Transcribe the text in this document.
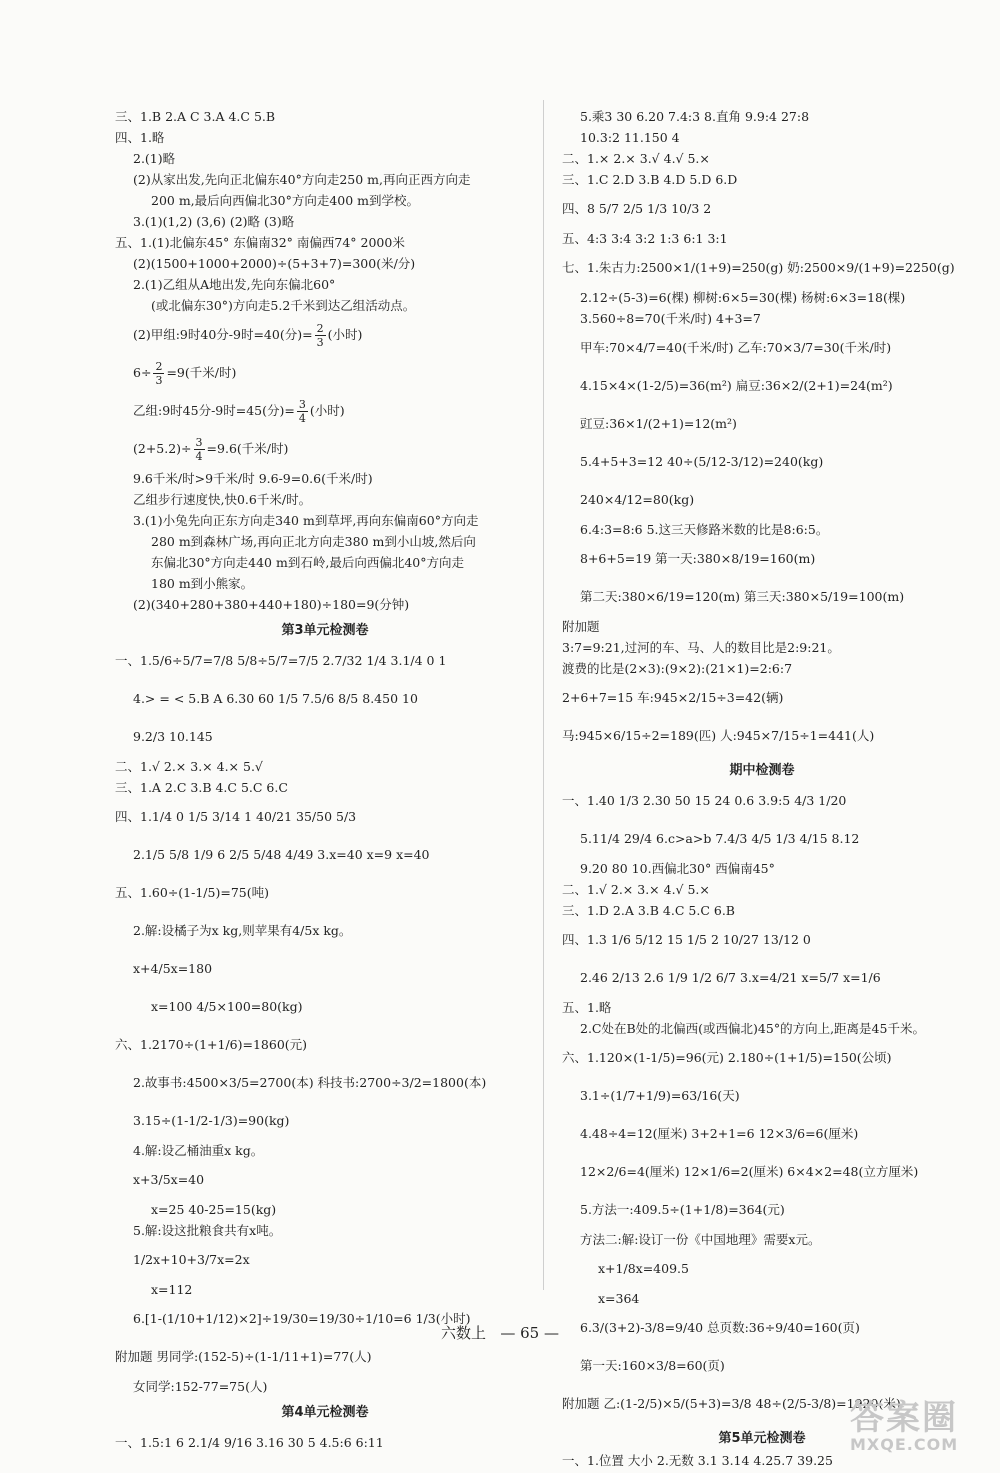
三、1.B 2.A C 3.A 4.C 5.B
四、1.略
2.(1)略
(2)从家出发,先向正北偏东40°方向走250 m,再向正西方向走
200 m,最后向西偏北30°方向走400 m到学校。
3.(1)(1,2) (3,6) (2)略 (3)略
五、1.(1)北偏东45° 东偏南32° 南偏西74° 2000米
(2)(1500+1000+2000)÷(5+3+7)=300(米/分)
2.(1)乙组从A地出发,先向东偏北60°
(或北偏东30°)方向走5.2千米到达乙组活动点。
(2)甲组:9时40分-9时=40(分)= $\frac{2}{3}$ (小时)
$6\div \frac{2}{3} =9$(千米/时)
乙组:9时45分-9时=45(分)= $\frac{3}{4}$ (小时)
$(2+5.2)\div \frac{3}{4} =9.6$(千米/时)
9.6千米/时>9千米/时 9.6-9=0.6(千米/时)
乙组步行速度快,快0.6千米/时。
3.(1)小兔先向正东方向走340 m到草坪,再向东偏南60°方向走
280 m到森林广场,再向正北方向走380 m到小山坡,然后向
东偏北30°方向走440 m到石岭,最后向西偏北40°方向走
180 m到小熊家。
(2)(340+280+380+440+180)÷180=9(分钟)
第3单元检测卷
一、1.5/6÷5/7=7/8 5/8÷5/7=7/5 2.7/32 1/4 3.1/4 0 1
4.> = < 5.B A 6.30 60 1/5 7.5/6 8/5 8.450 10
9.2/3 10.145
二、1.√ 2.× 3.× 4.× 5.√
三、1.A 2.C 3.B 4.C 5.C 6.C
四、1.1/4 0 1/5 3/14 1 40/21 35/50 5/3
2.1/5 5/8 1/9 6 2/5 5/48 4/49 3.x=40 x=9 x=40
五、1.60÷(1-1/5)=75(吨)
2.解:设橘子为x kg,则苹果有4/5x kg。
x+4/5x=180
x=100 4/5×100=80(kg)
六、1.2170÷(1+1/6)=1860(元)
2.故事书:4500×3/5=2700(本) 科技书:2700÷3/2=1800(本)
3.15÷(1-1/2-1/3)=90(kg)
4.解:设乙桶油重x kg。
x+3/5x=40
x=25 40-25=15(kg)
5.解:设这批粮食共有x吨。
1/2x+10+3/7x=2x
x=112
6.[1-(1/10+1/12)×2]÷19/30=19/30÷1/10=6 1/3(小时)
附加题 男同学:(152-5)÷(1-1/11+1)=77(人)
女同学:152-77=75(人)
第4单元检测卷
一、1.5:1 6 2.1/4 9/16 3.16 30 5 4.5:6 6:11
5.乘3 30 6.20 7.4:3 8.直角 9.9:4 27:8
10.3:2 11.150 4
二、1.× 2.× 3.√ 4.√ 5.×
三、1.C 2.D 3.B 4.D 5.D 6.D
四、8 5/7 2/5 1/3 10/3 2
五、4:3 3:4 3:2 1:3 6:1 3:1
七、1.朱古力:2500×1/(1+9)=250(g) 奶:2500×9/(1+9)=2250(g)
2.12÷(5-3)=6(棵) 柳树:6×5=30(棵) 杨树:6×3=18(棵)
3.560÷8=70(千米/时) 4+3=7
甲车:70×4/7=40(千米/时) 乙车:70×3/7=30(千米/时)
4.15×4×(1-2/5)=36(m²) 扁豆:36×2/(2+1)=24(m²)
豇豆:36×1/(2+1)=12(m²)
5.4+5+3=12 40÷(5/12-3/12)=240(kg)
240×4/12=80(kg)
6.4:3=8:6 5.这三天修路米数的比是8:6:5。
8+6+5=19 第一天:380×8/19=160(m)
第二天:380×6/19=120(m) 第三天:380×5/19=100(m)
附加题
3:7=9:21,过河的车、马、人的数目比是2:9:21。
渡费的比是(2×3):(9×2):(21×1)=2:6:7
2+6+7=15 车:945×2/15÷3=42(辆)
马:945×6/15÷2=189(匹) 人:945×7/15÷1=441(人)
期中检测卷
一、1.40 1/3 2.30 50 15 24 0.6 3.9:5 4/3 1/20
5.11/4 29/4 6.c>a>b 7.4/3 4/5 1/3 4/15 8.12
9.20 80 10.西偏北30° 西偏南45°
二、1.√ 2.× 3.× 4.√ 5.×
三、1.D 2.A 3.B 4.C 5.C 6.B
四、1.3 1/6 5/12 15 1/5 2 10/27 13/12 0
2.46 2/13 2.6 1/9 1/2 6/7 3.x=4/21 x=5/7 x=1/6
五、1.略
2.C处在B处的北偏西(或西偏北)45°的方向上,距离是45千米。
六、1.120×(1-1/5)=96(元) 2.180÷(1+1/5)=150(公顷)
3.1÷(1/7+1/9)=63/16(天)
4.48÷4=12(厘米) 3+2+1=6 12×3/6=6(厘米)
12×2/6=4(厘米) 12×1/6=2(厘米) 6×4×2=48(立方厘米)
5.方法一:409.5÷(1+1/8)=364(元)
方法二:解:设订一份《中国地理》需要x元。
x+1/8x=409.5
x=364
6.3/(3+2)-3/8=9/40 总页数:36÷9/40=160(页)
第一天:160×3/8=60(页)
附加题 乙:(1-2/5)×5/(5+3)=3/8 48÷(2/5-3/8)=1920(米)
第5单元检测卷
一、1.位置 大小 2.无数 3.1 3.14 4.25.7 39.25
六数上   — 65 —
答案圈
MXQE.COM
